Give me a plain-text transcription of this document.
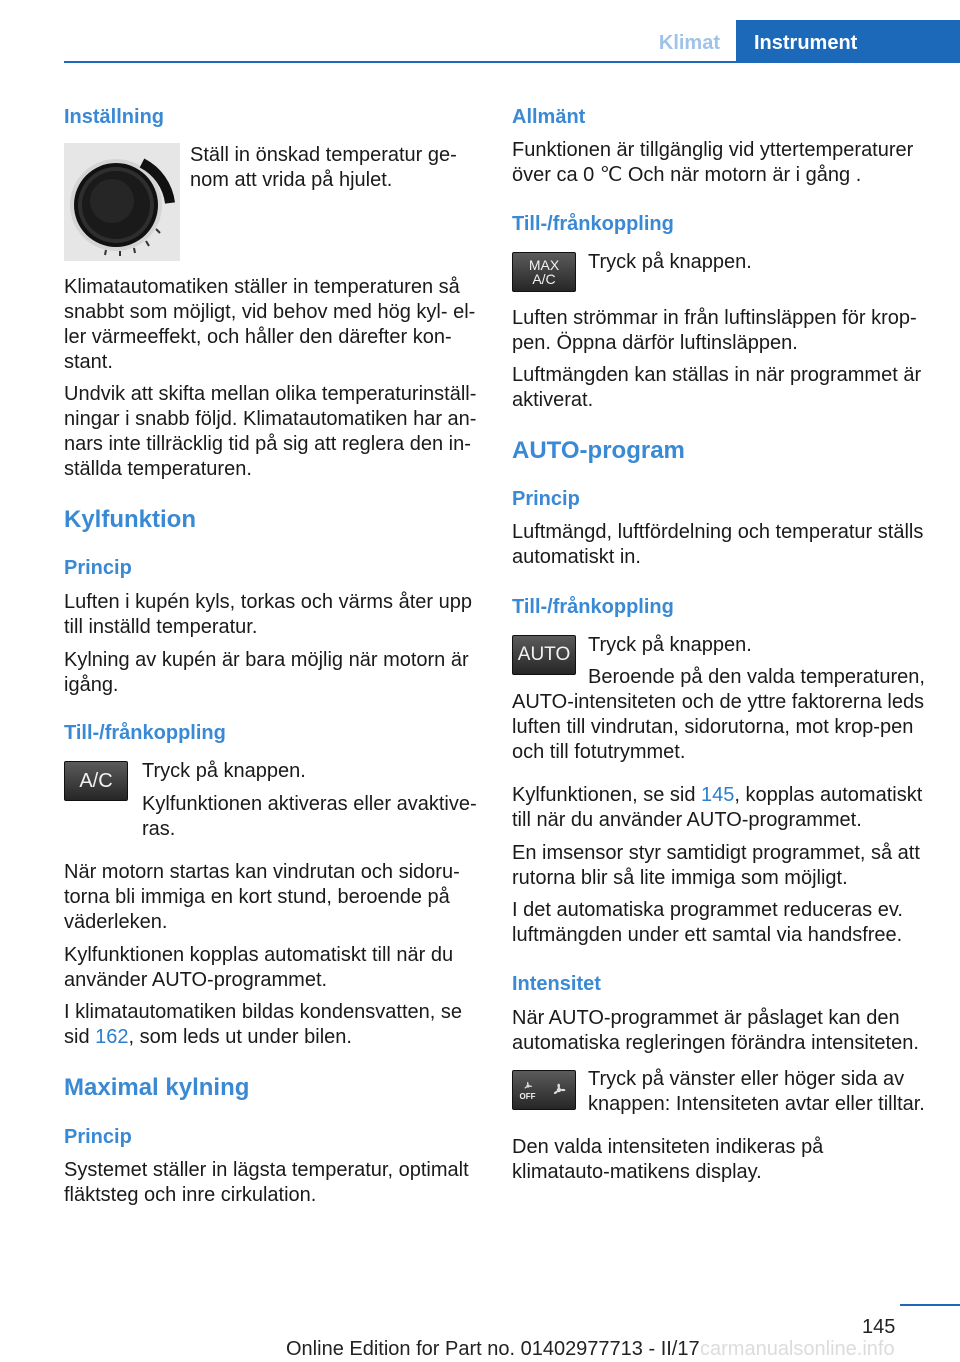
Klimat	Instrument
Inställning
Ställ in önskad temperatur ge-
nom att vrida på hjulet.
Klimatautomatiken ställer in temperaturen så snabbt som möjligt, vid behov med hög kyl- el-ler värmeeffekt, och håller den därefter kon-stant.
Undvik att skifta mellan olika temperaturinställ-ningar i snabb följd. Klimatautomatiken har an-nars inte tillräcklig tid på sig att reglera den in-ställda temperaturen.
Kylfunktion
Princip
Luften i kupén kyls, torkas och värms åter upp till inställd temperatur.
Kylning av kupén är bara möjlig när motorn är igång.
Till-/frånkoppling
A/C Tryck på knappen.
Kylfunktionen aktiveras eller avaktive-ras.
När motorn startas kan vindrutan och sidoru-torna bli immiga en kort stund, beroende på väderleken.
Kylfunktionen kopplas automatiskt till när du använder AUTO-programmet.
I klimatautomatiken bildas kondensvatten, se sid 162, som leds ut under bilen.
Maximal kylning
Princip
Systemet ställer in lägsta temperatur, optimalt fläktsteg och inre cirkulation.
Allmänt
Funktionen är tillgänglig vid yttertemperaturer över ca 0 ℃ Och när motorn är i gång .
Till-/frånkoppling
MAX
A/C
Tryck på knappen.
Luften strömmar in från luftinsläppen för krop-pen. Öppna därför luftinsläppen.
Luftmängden kan ställas in när programmet är aktiverat.
AUTO-program
Princip
Luftmängd, luftfördelning och temperatur ställs automatiskt in.
Till-/frånkoppling
AUTO Tryck på knappen.
Beroende på den valda temperaturen, AUTO-intensiteten och de yttre faktorerna leds luften till vindrutan, sidorutorna, mot krop-pen och till fotutrymmet.
Kylfunktionen, se sid 145, kopplas automatiskt till när du använder AUTO-programmet.
En imsensor styr samtidigt programmet, så att rutorna blir så lite immiga som möjligt.
I det automatiska programmet reduceras ev. luftmängden under ett samtal via handsfree.
Intensitet
När AUTO-programmet är påslaget kan den automatiska regleringen förändra intensiteten.
OFF
Tryck på vänster eller höger sida av knappen: Intensiteten avtar eller tilltar.
Den valda intensiteten indikeras på klimatauto-matikens display.
145
Online Edition for Part no. 01402977713 - II/17 carmanualsonline.info
